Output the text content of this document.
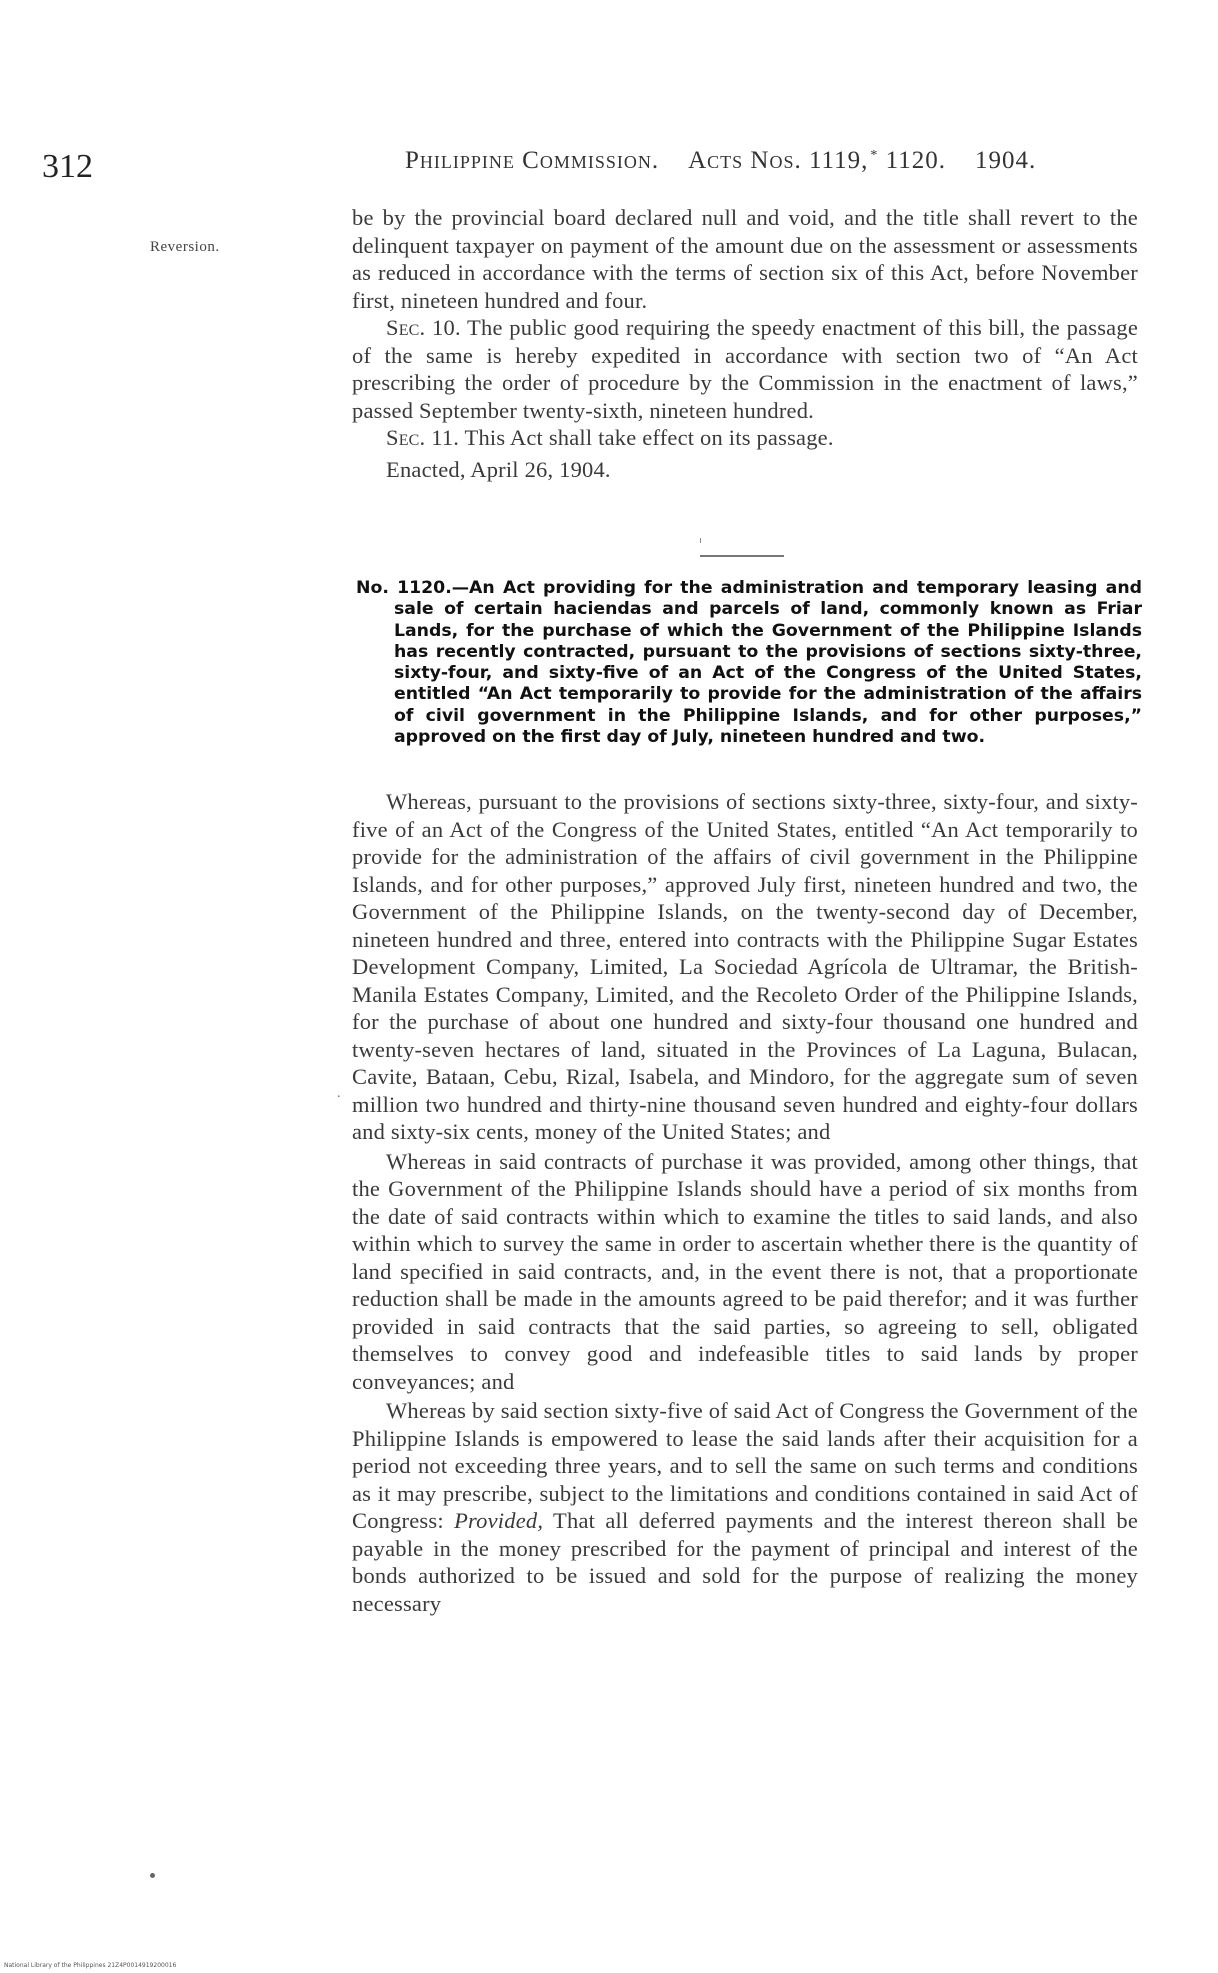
312	Philippine Commission. Acts Nos. 1119, * 1120. 1904.
Reversion.

be by the provincial board declared null and void, and the title shall revert to the delinquent taxpayer on payment of the amount due on the assessment or assessments as reduced in accordance with the terms of section six of this Act, before November first, nineteen hundred and four.

Sec. 10. The public good requiring the speedy enactment of this bill, the passage of the same is hereby expedited in accordance with section two of “An Act prescribing the order of procedure by the Commission in the enactment of laws,” passed September twenty-sixth, nineteen hundred.

Sec. 11. This Act shall take effect on its passage.

Enacted, April 26, 1904.

No. 1120.—An Act providing for the administration and temporary leasing and sale of certain haciendas and parcels of land, commonly known as Friar Lands, for the purchase of which the Government of the Philippine Islands has recently contracted, pursuant to the provisions of sections sixty-three, sixty-four, and sixty-five of an Act of the Congress of the United States, entitled “An Act temporarily to provide for the administration of the affairs of civil government in the Philippine Islands, and for other purposes,” approved on the first day of July, nineteen hundred and two.

Whereas, pursuant to the provisions of sections sixty-three, sixty-four, and sixty-five of an Act of the Congress of the United States, entitled “An Act temporarily to provide for the administration of the affairs of civil government in the Philippine Islands, and for other purposes,” approved July first, nineteen hundred and two, the Government of the Philippine Islands, on the twenty-second day of December, nineteen hundred and three, entered into contracts with the Philippine Sugar Estates Development Company, Limited, La Sociedad Agrícola de Ultramar, the British-Manila Estates Company, Limited, and the Recoleto Order of the Philippine Islands, for the purchase of about one hundred and sixty-four thousand one hundred and twenty-seven hectares of land, situated in the Provinces of La Laguna, Bulacan, Cavite, Bataan, Cebu, Rizal, Isabela, and Mindoro, for the aggregate sum of seven million two hundred and thirty-nine thousand seven hundred and eighty-four dollars and sixty-six cents, money of the United States; and

Whereas in said contracts of purchase it was provided, among other things, that the Government of the Philippine Islands should have a period of six months from the date of said contracts within which to examine the titles to said lands, and also within which to survey the same in order to ascertain whether there is the quantity of land specified in said contracts, and, in the event there is not, that a proportionate reduction shall be made in the amounts agreed to be paid therefor; and it was further provided in said contracts that the said parties, so agreeing to sell, obligated themselves to convey good and indefeasible titles to said lands by proper conveyances; and

Whereas by said section sixty-five of said Act of Congress the Government of the Philippine Islands is empowered to lease the said lands after their acquisition for a period not exceeding three years, and to sell the same on such terms and conditions as it may prescribe, subject to the limitations and conditions contained in said Act of Congress: Provided, That all deferred payments and the interest thereon shall be payable in the money prescribed for the payment of principal and interest of the bonds authorized to be issued and sold for the purpose of realizing the money necessary

.
National Library of the Philippines 21Z4P0014919200016
